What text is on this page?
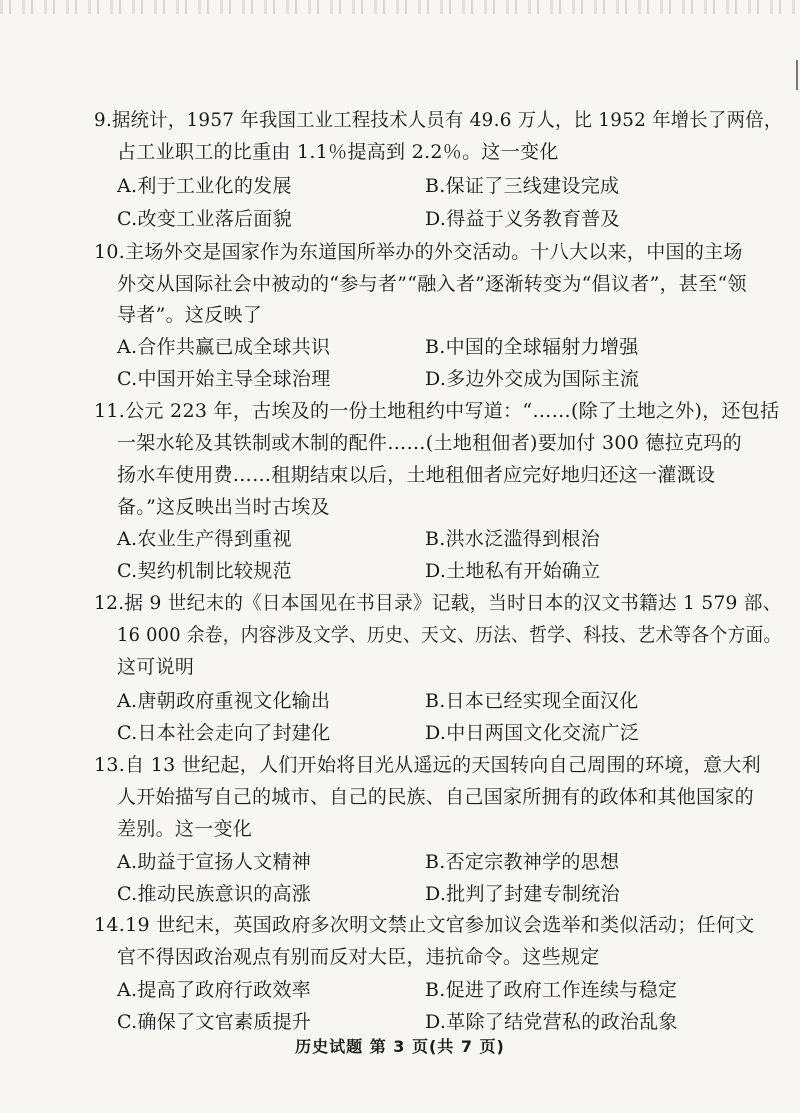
9.据统计，1957 年我国工业工程技术人员有 49.6 万人，比 1952 年增长了两倍，
占工业职工的比重由 1.1％提高到 2.2％。这一变化
A.利于工业化的发展	B.保证了三线建设完成
C.改变工业落后面貌	D.得益于义务教育普及
10.主场外交是国家作为东道国所举办的外交活动。十八大以来，中国的主场
外交从国际社会中被动的“参与者”“融入者”逐渐转变为“倡议者”，甚至“领
导者”。这反映了
A.合作共赢已成全球共识	B.中国的全球辐射力增强
C.中国开始主导全球治理	D.多边外交成为国际主流
11.公元 223 年，古埃及的一份土地租约中写道：“……(除了土地之外)，还包括
一架水轮及其铁制或木制的配件……(土地租佃者)要加付 300 德拉克玛的
扬水车使用费……租期结束以后，土地租佃者应完好地归还这一灌溉设
备。”这反映出当时古埃及
A.农业生产得到重视	B.洪水泛滥得到根治
C.契约机制比较规范	D.土地私有开始确立
12.据 9 世纪末的《日本国见在书目录》记载，当时日本的汉文书籍达 1 579 部、
16 000 余卷，内容涉及文学、历史、天文、历法、哲学、科技、艺术等各个方面。
这可说明
A.唐朝政府重视文化输出	B.日本已经实现全面汉化
C.日本社会走向了封建化	D.中日两国文化交流广泛
13.自 13 世纪起，人们开始将目光从遥远的天国转向自己周围的环境，意大利
人开始描写自己的城市、自己的民族、自己国家所拥有的政体和其他国家的
差别。这一变化
A.助益于宣扬人文精神	B.否定宗教神学的思想
C.推动民族意识的高涨	D.批判了封建专制统治
14.19 世纪末，英国政府多次明文禁止文官参加议会选举和类似活动；任何文
官不得因政治观点有别而反对大臣，违抗命令。这些规定
A.提高了政府行政效率	B.促进了政府工作连续与稳定
C.确保了文官素质提升	D.革除了结党营私的政治乱象
历史试题 第 3 页(共 7 页)
